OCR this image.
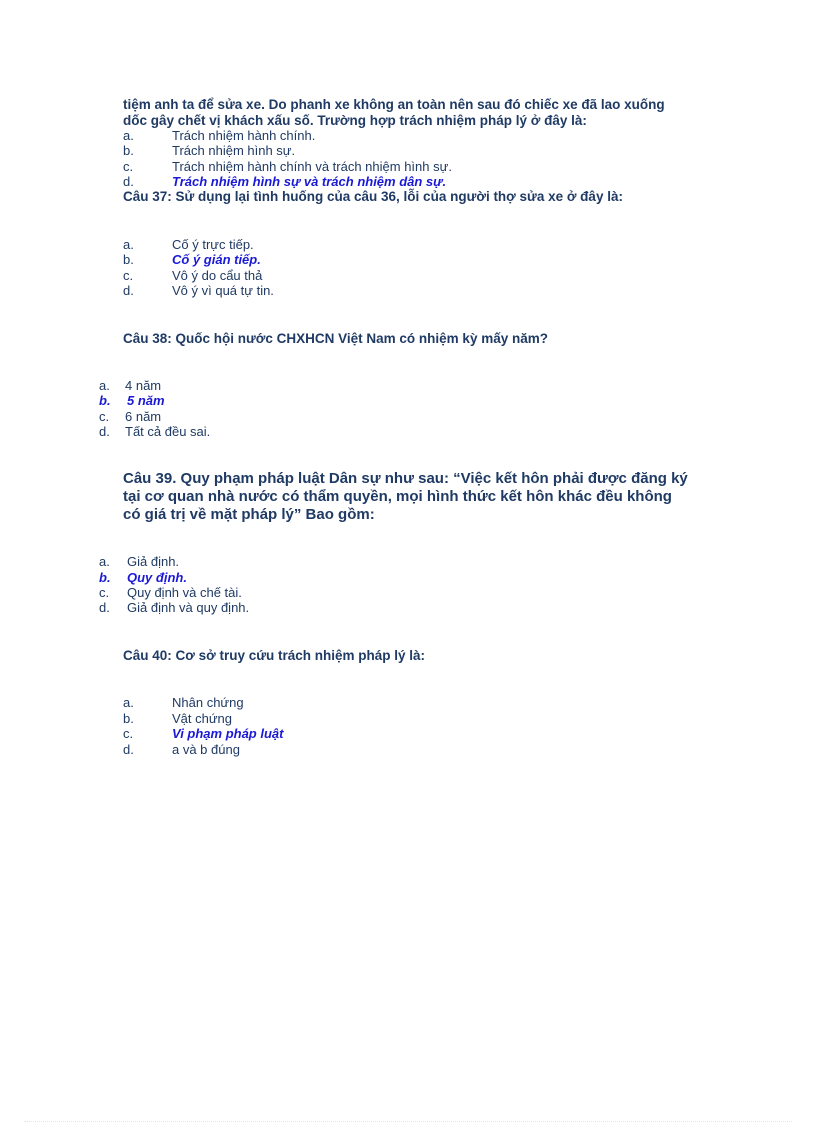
tiệm anh ta để sửa xe. Do phanh xe không an toàn nên sau đó chiếc xe đã lao xuống
dốc gây chết vị khách xấu số. Trường hợp trách nhiệm pháp lý ở đây là:
a.	Trách nhiệm hành chính.
b.	Trách nhiệm hình sự.
c.	Trách nhiệm hành chính và trách nhiệm hình sự.
d.	Trách nhiệm hình sự và trách nhiệm dân sự.
Câu 37: Sử dụng lại tình huống của câu 36, lỗi của người thợ sửa xe ở đây là:
a.	Cố ý trực tiếp.
b.	Cố ý gián tiếp.
c.	Vô ý do cẩu thả
d.	Vô ý vì quá tự tin.
Câu 38: Quốc hội nước CHXHCN Việt Nam có nhiệm kỳ mấy năm?
a. 4 năm
b. 5 năm
c. 6 năm
d. Tất cả đều sai.
Câu 39. Quy phạm pháp luật Dân sự như sau: “Việc kết hôn phải được đăng ký
tại cơ quan nhà nước có thẩm quyền, mọi hình thức kết hôn khác đều không
có giá trị về mặt pháp lý” Bao gồm:
a. Giả định.
b. Quy định.
c. Quy định và chế tài.
d. Giả định và quy định.
Câu 40: Cơ sở truy cứu trách nhiệm pháp lý là:
a.	Nhân chứng
b.	Vật chứng
c.	Vi phạm pháp luật
d.	a và b đúng
